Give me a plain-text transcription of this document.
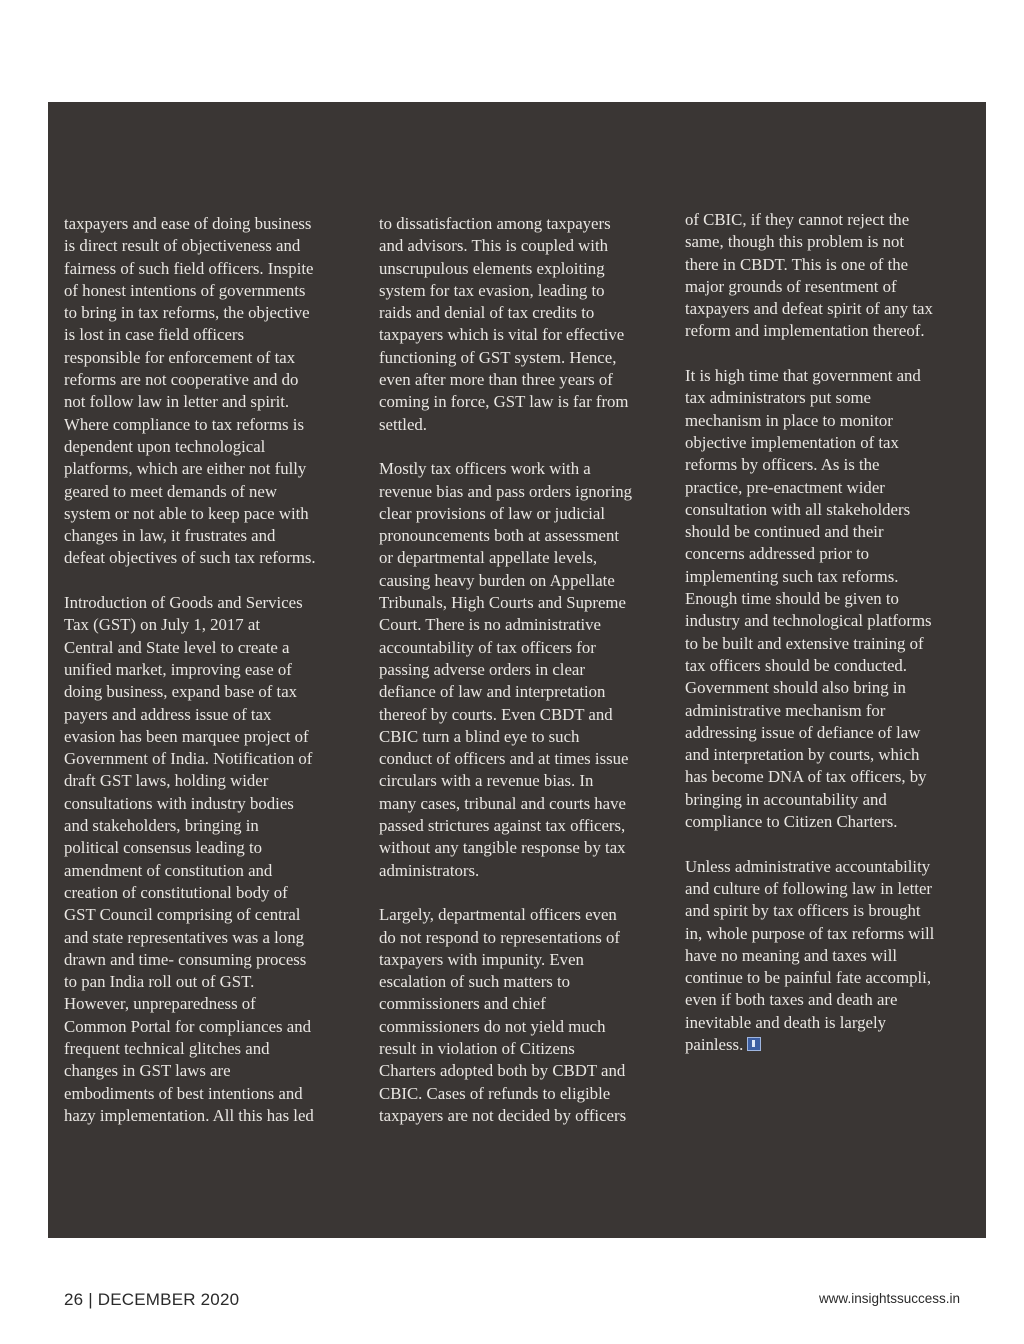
taxpayers and ease of doing business
is direct result of objectiveness and
fairness of such field officers. Inspite
of honest intentions of governments
to bring in tax reforms, the objective
is lost in case field officers
responsible for enforcement of tax
reforms are not cooperative and do
not follow law in letter and spirit.
Where compliance to tax reforms is
dependent upon technological
platforms, which are either not fully
geared to meet demands of new
system or not able to keep pace with
changes in law, it frustrates and
defeat objectives of such tax reforms.

Introduction of Goods and Services
Tax (GST) on July 1, 2017 at
Central and State level to create a
unified market, improving ease of
doing business, expand base of tax
payers and address issue of tax
evasion has been marquee project of
Government of India. Notification of
draft GST laws, holding wider
consultations with industry bodies
and stakeholders, bringing in
political consensus leading to
amendment of constitution and
creation of constitutional body of
GST Council comprising of central
and state representatives was a long
drawn and time- consuming process
to pan India roll out of GST.
However, unpreparedness of
Common Portal for compliances and
frequent technical glitches and
changes in GST laws are
embodiments of best intentions and
hazy implementation. All this has led

to dissatisfaction among taxpayers
and advisors. This is coupled with
unscrupulous elements exploiting
system for tax evasion, leading to
raids and denial of tax credits to
taxpayers which is vital for effective
functioning of GST system. Hence,
even after more than three years of
coming in force, GST law is far from
settled.

Mostly tax officers work with a
revenue bias and pass orders ignoring
clear provisions of law or judicial
pronouncements both at assessment
or departmental appellate levels,
causing heavy burden on Appellate
Tribunals, High Courts and Supreme
Court. There is no administrative
accountability of tax officers for
passing adverse orders in clear
defiance of law and interpretation
thereof by courts. Even CBDT and
CBIC turn a blind eye to such
conduct of officers and at times issue
circulars with a revenue bias. In
many cases, tribunal and courts have
passed strictures against tax officers,
without any tangible response by tax
administrators.

Largely, departmental officers even
do not respond to representations of
taxpayers with impunity. Even
escalation of such matters to
commissioners and chief
commissioners do not yield much
result in violation of Citizens
Charters adopted both by CBDT and
CBIC. Cases of refunds to eligible
taxpayers are not decided by officers

of CBIC, if they cannot reject the
same, though this problem is not
there in CBDT. This is one of the
major grounds of resentment of
taxpayers and defeat spirit of any tax
reform and implementation thereof.

It is high time that government and
tax administrators put some
mechanism in place to monitor
objective implementation of tax
reforms by officers. As is the
practice, pre-enactment wider
consultation with all stakeholders
should be continued and their
concerns addressed prior to
implementing such tax reforms.
Enough time should be given to
industry and technological platforms
to be built and extensive training of
tax officers should be conducted.
Government should also bring in
administrative mechanism for
addressing issue of defiance of law
and interpretation by courts, which
has become DNA of tax officers, by
bringing in accountability and
compliance to Citizen Charters.

Unless administrative accountability
and culture of following law in letter
and spirit by tax officers is brought
in, whole purpose of tax reforms will
have no meaning and taxes will
continue to be painful fate accompli,
even if both taxes and death are
inevitable and death is largely
painless.

26 | DECEMBER 2020	www.insightssuccess.in
